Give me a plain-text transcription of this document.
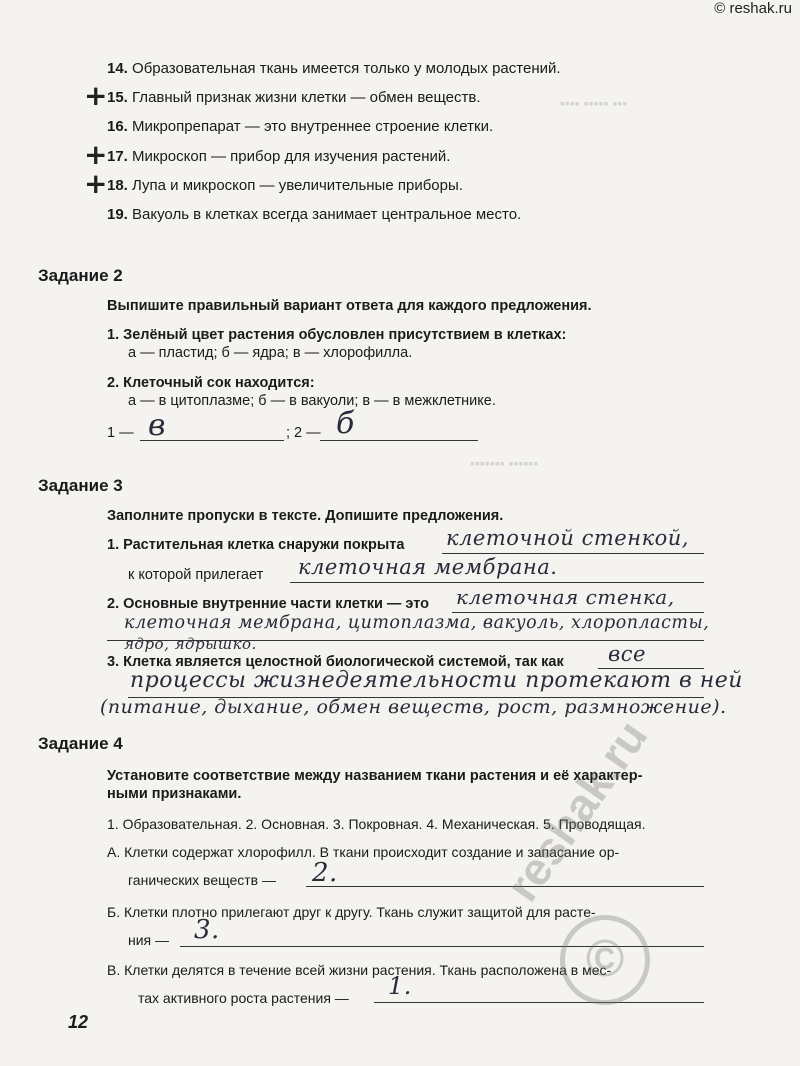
© reshak.ru
▪▪▪▪ ▪▪▪▪▪ ▪▪▪
▪▪▪▪▪▪▪ ▪▪▪▪▪▪
14. Образовательная ткань имеется только у молодых растений.
15. Главный признак жизни клетки — обмен веществ.
+
16. Микропрепарат — это внутреннее строение клетки.
17. Микроскоп — прибор для изучения растений.
+
18. Лупа и микроскоп — увеличительные приборы.
+
19. Вакуоль в клетках всегда занимает центральное место.
Задание 2
Выпишите правильный вариант ответа для каждого предложения.
1. Зелёный цвет растения обусловлен присутствием в клетках:
а — пластид; б — ядра; в — хлорофилла.
2. Клеточный сок находится:
а — в цитоплазме; б — в вакуоли; в — в межклетнике.
1 — в	; 2 — б
Задание 3
Заполните пропуски в тексте. Допишите предложения.
1. Растительная клетка снаружи покрыта клеточной стенкой,
к которой прилегает клеточная мембрана.
2. Основные внутренние части клетки — это клеточная стенка,
клеточная мембрана, цитоплазма, вакуоль, хлоропласты,
ядро, ядрышко.
3. Клетка является целостной биологической системой, так как все
процессы жизнедеятельности протекают в ней
(питание, дыхание, обмен веществ, рост, размножение).
Задание 4
Установите соответствие между названием ткани растения и её характер-
ными признаками.
1. Образовательная. 2. Основная. 3. Покровная. 4. Механическая. 5. Проводящая.
А. Клетки содержат хлорофилл. В ткани происходит создание и запасание ор-
ганических веществ — 2.
Б. Клетки плотно прилегают друг к другу. Ткань служит защитой для расте-
ния — 3.
В. Клетки делятся в течение всей жизни растения. Ткань расположена в мес-
тах активного роста растения — 1.
reshak.ru
©
12
